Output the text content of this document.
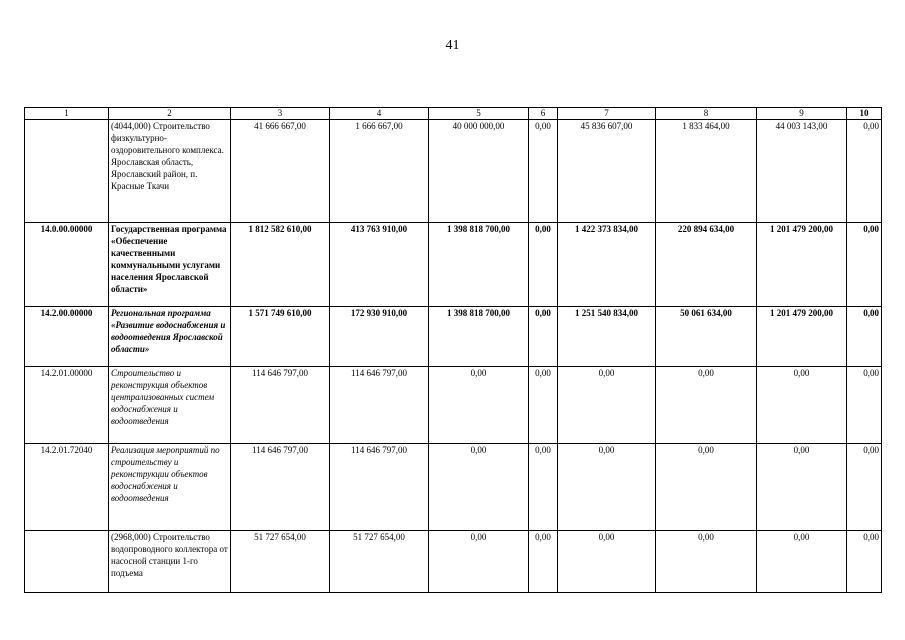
41
1	2	3	4	5	6	7	8	9	10
	(4044,000) Строительство физкультурно-оздоровительного комплекса. Ярославская область, Ярославский район, п. Красные Ткачи	41 666 667,00	1 666 667,00	40 000 000,00	0,00	45 836 607,00	1 833 464,00	44 003 143,00	0,00
14.0.00.00000	Государственная программа «Обеспечение качественными коммунальными услугами населения Ярославской области»	1 812 582 610,00	413 763 910,00	1 398 818 700,00	0,00	1 422 373 834,00	220 894 634,00	1 201 479 200,00	0,00
14.2.00.00000	Региональная программа «Развитие водоснабжения и водоотведения Ярославской области»	1 571 749 610,00	172 930 910,00	1 398 818 700,00	0,00	1 251 540 834,00	50 061 634,00	1 201 479 200,00	0,00
14.2.01.00000	Строительство и реконструкция объектов централизованных систем водоснабжения и водоотведения	114 646 797,00	114 646 797,00	0,00	0,00	0,00	0,00	0,00	0,00
14.2.01.72040	Реализация мероприятий по строительству и реконструкции объектов водоснабжения и водоотведения	114 646 797,00	114 646 797,00	0,00	0,00	0,00	0,00	0,00	0,00
	(2968,000) Строительство водопроводного коллектора от насосной станции 1-го подъема	51 727 654,00	51 727 654,00	0,00	0,00	0,00	0,00	0,00	0,00
